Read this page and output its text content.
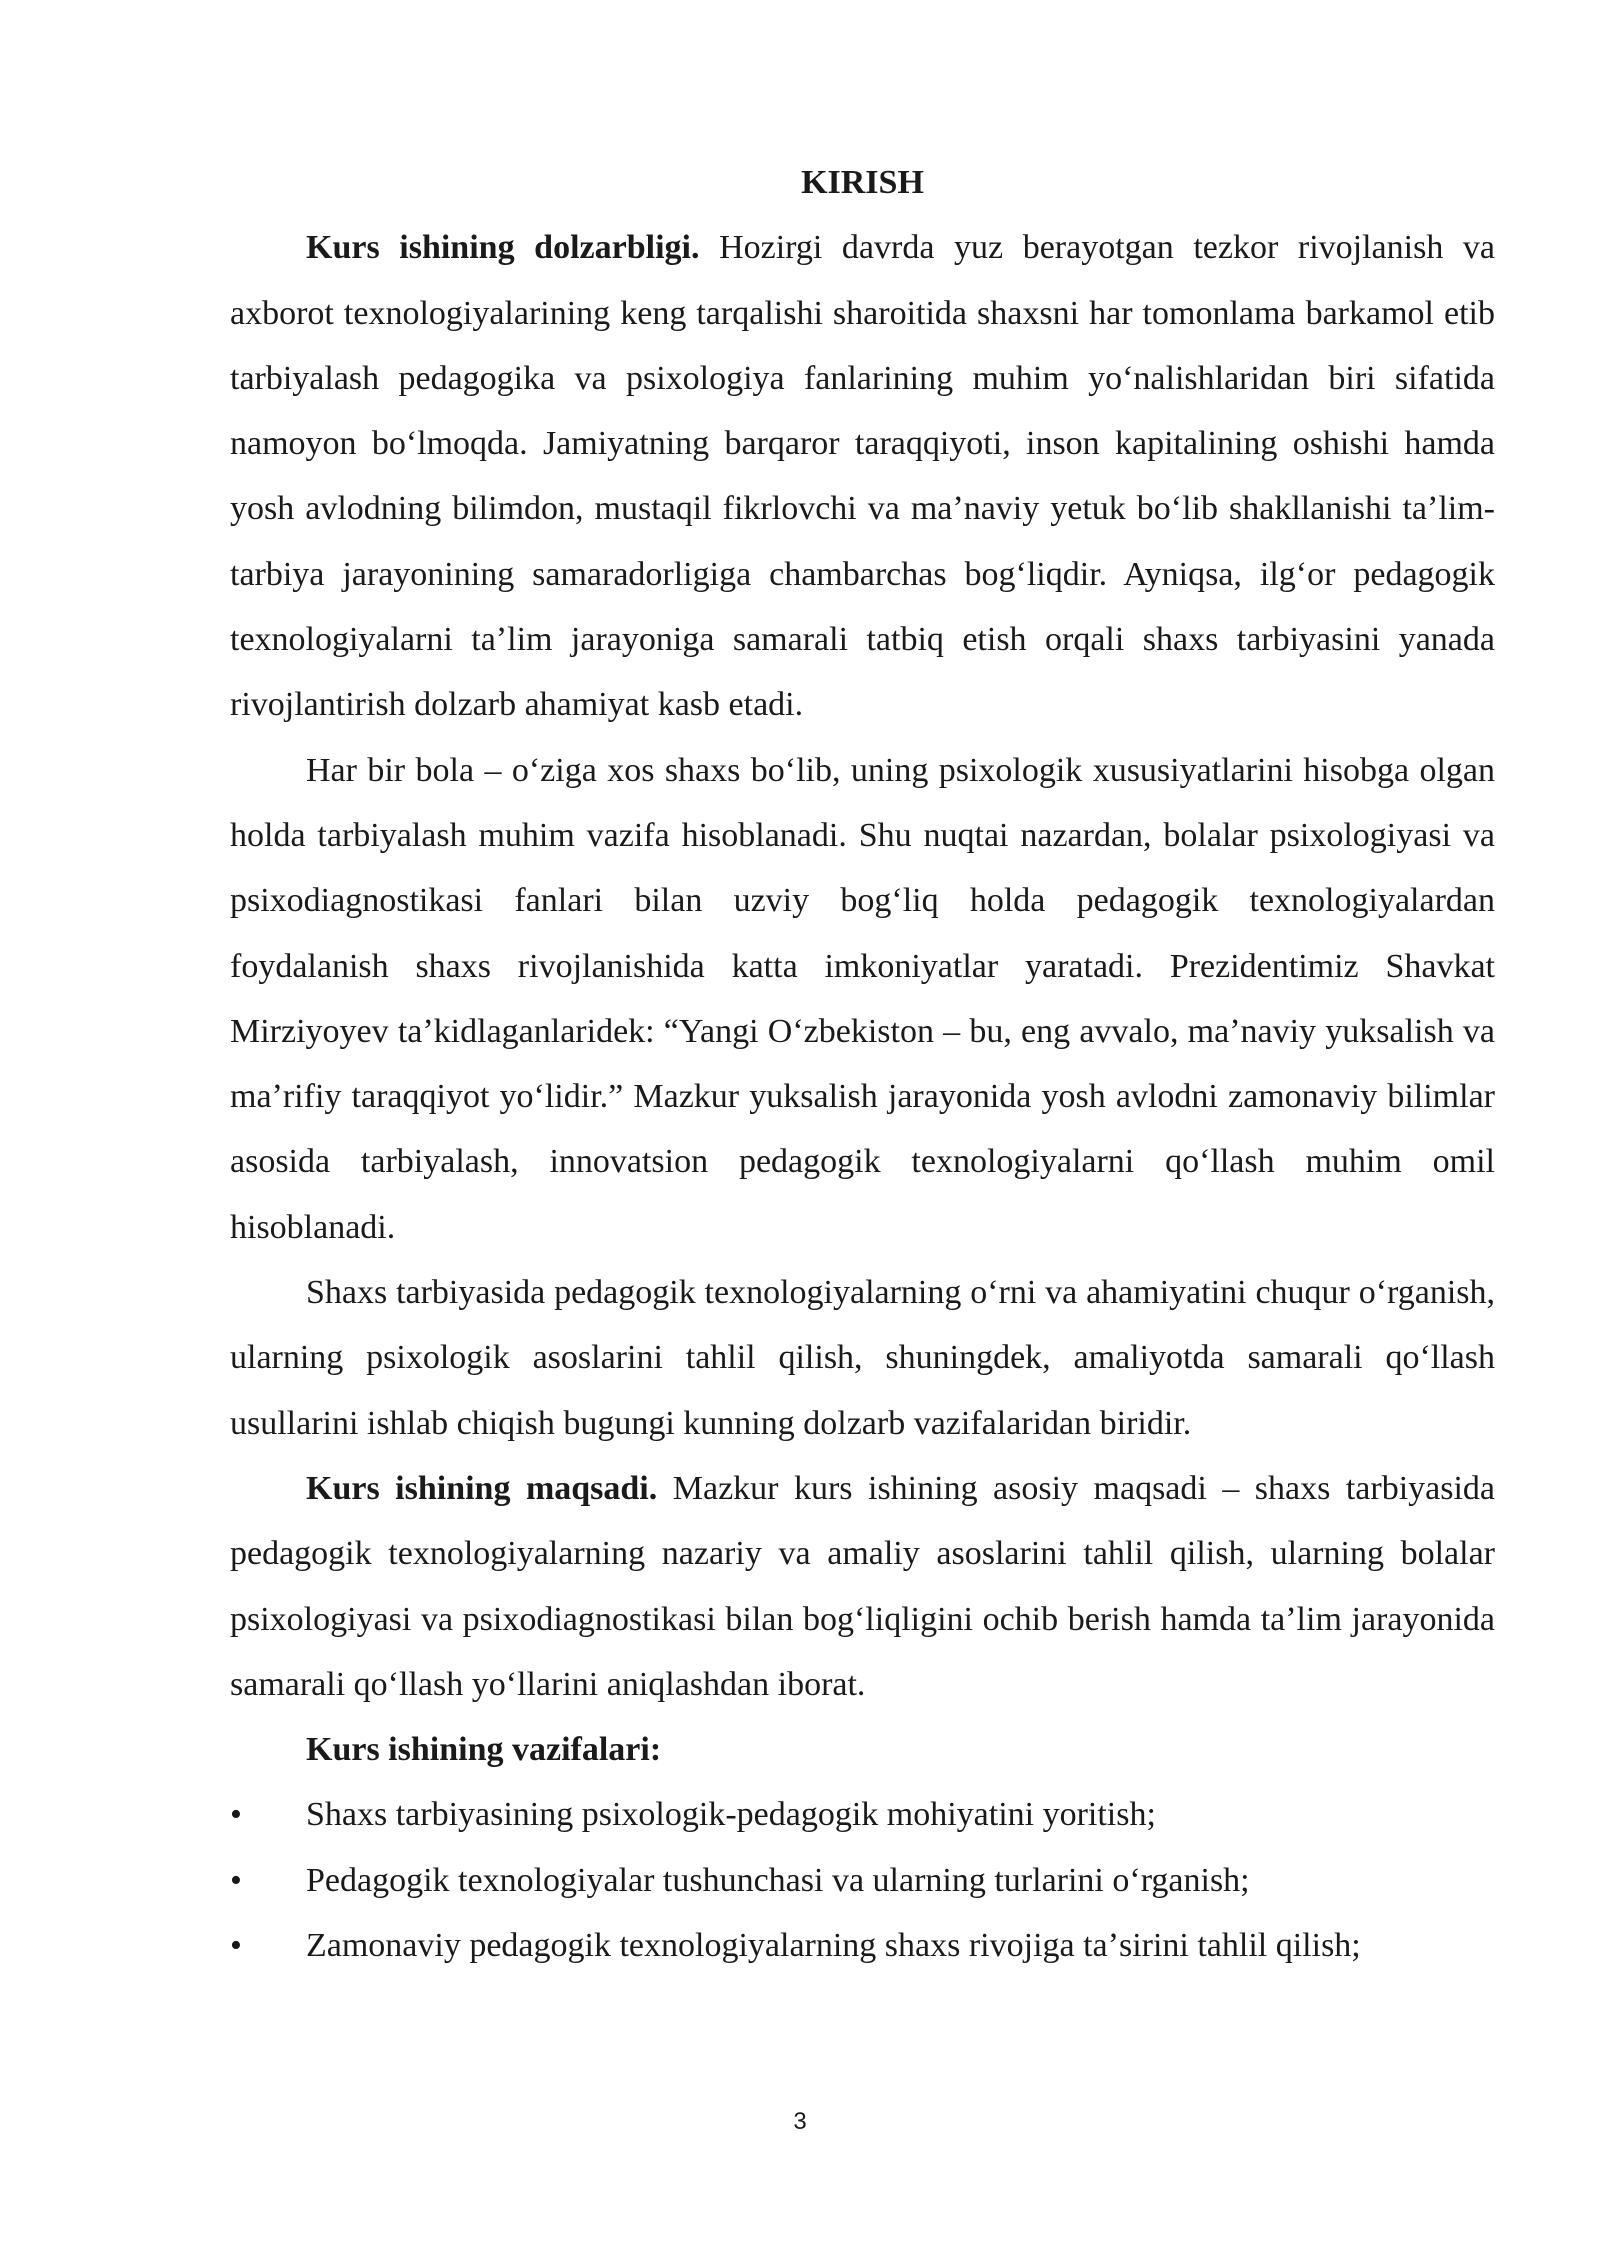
KIRISH

Kurs ishining dolzarbligi. Hozirgi davrda yuz berayotgan tezkor rivojlanish va axborot texnologiyalarining keng tarqalishi sharoitida shaxsni har tomonlama barkamol etib tarbiyalash pedagogika va psixologiya fanlarining muhim yoʻnalishlaridan biri sifatida namoyon boʻlmoqda. Jamiyatning barqaror taraqqiyoti, inson kapitalining oshishi hamda yosh avlodning bilimdon, mustaqil fikrlovchi va maʼnaviy yetuk boʻlib shakllanishi taʼlim-tarbiya jarayonining samaradorligiga chambarchas bogʻliqdir. Ayniqsa, ilgʻor pedagogik texnologiyalarni taʼlim jarayoniga samarali tatbiq etish orqali shaxs tarbiyasini yanada rivojlantirish dolzarb ahamiyat kasb etadi.

Har bir bola – oʻziga xos shaxs boʻlib, uning psixologik xususiyatlarini hisobga olgan holda tarbiyalash muhim vazifa hisoblanadi. Shu nuqtai nazardan, bolalar psixologiyasi va psixodiagnostikasi fanlari bilan uzviy bogʻliq holda pedagogik texnologiyalardan foydalanish shaxs rivojlanishida katta imkoniyatlar yaratadi. Prezidentimiz Shavkat Mirziyoyev taʼkidlaganlaridek: “Yangi Oʻzbekiston – bu, eng avvalo, maʼnaviy yuksalish va maʼrifiy taraqqiyot yoʻlidir.” Mazkur yuksalish jarayonida yosh avlodni zamonaviy bilimlar asosida tarbiyalash, innovatsion pedagogik texnologiyalarni qoʻllash muhim omil hisoblanadi.

Shaxs tarbiyasida pedagogik texnologiyalarning oʻrni va ahamiyatini chuqur oʻrganish, ularning psixologik asoslarini tahlil qilish, shuningdek, amaliyotda samarali qoʻllash usullarini ishlab chiqish bugungi kunning dolzarb vazifalaridan biridir.

Kurs ishining maqsadi. Mazkur kurs ishining asosiy maqsadi – shaxs tarbiyasida pedagogik texnologiyalarning nazariy va amaliy asoslarini tahlil qilish, ularning bolalar psixologiyasi va psixodiagnostikasi bilan bogʻliqligini ochib berish hamda taʼlim jarayonida samarali qoʻllash yoʻllarini aniqlashdan iborat.

Kurs ishining vazifalari:

• Shaxs tarbiyasining psixologik-pedagogik mohiyatini yoritish;
• Pedagogik texnologiyalar tushunchasi va ularning turlarini oʻrganish;
• Zamonaviy pedagogik texnologiyalarning shaxs rivojiga taʼsirini tahlil qilish;
3
